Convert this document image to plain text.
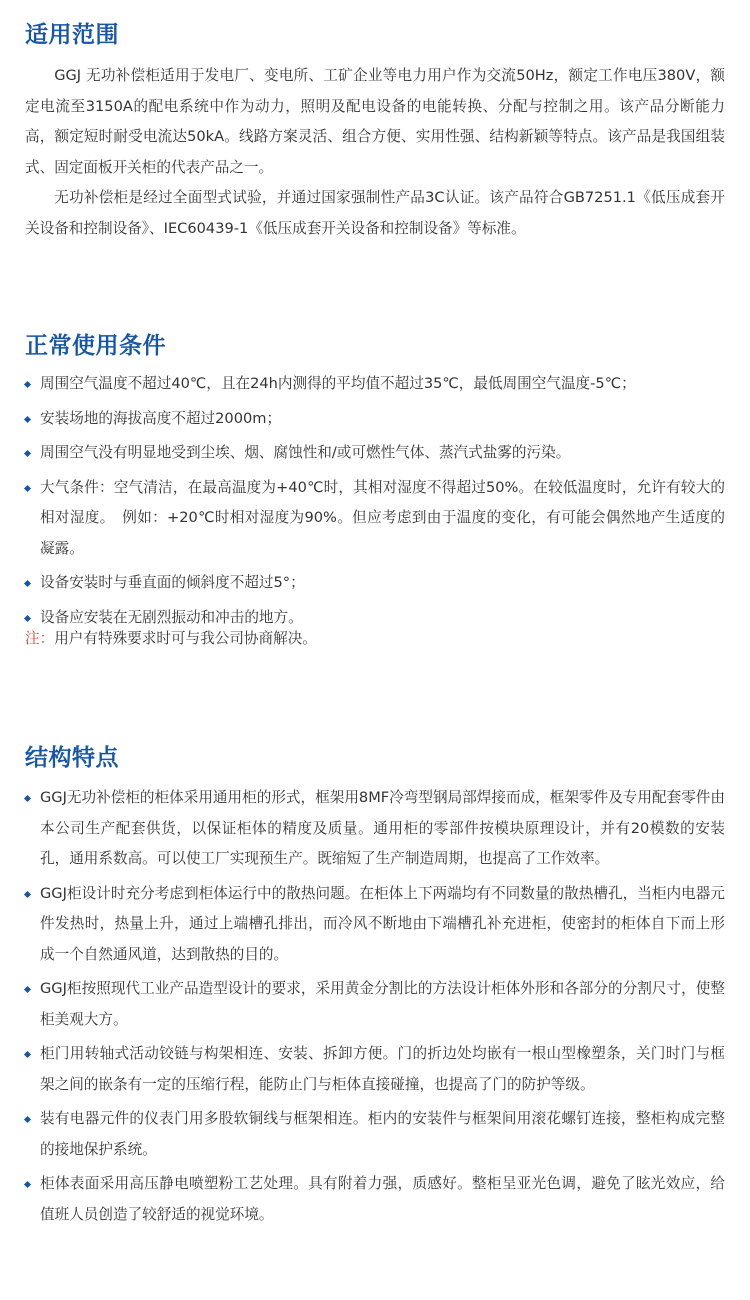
适用范围

GGJ 无功补偿柜适用于发电厂、变电所、工矿企业等电力用户作为交流50Hz，额定工作电压380V，额定电流至3150A的配电系统中作为动力，照明及配电设备的电能转换、分配与控制之用。该产品分断能力高，额定短时耐受电流达50kA。线路方案灵活、组合方便、实用性强、结构新颖等特点。该产品是我国组装式、固定面板开关柜的代表产品之一。

无功补偿柜是经过全面型式试验，并通过国家强制性产品3C认证。该产品符合GB7251.1《低压成套开关设备和控制设备》、IEC60439-1《低压成套开关设备和控制设备》等标准。

正常使用条件
周围空气温度不超过40℃，且在24h内测得的平均值不超过35℃，最低周围空气温度-5℃；
安装场地的海拔高度不超过2000m；
周围空气没有明显地受到尘埃、烟、腐蚀性和/或可燃性气体、蒸汽式盐雾的污染。
大气条件：空气清洁，在最高温度为+40℃时，其相对湿度不得超过50%。在较低温度时，允许有较大的相对湿度。　例如：+20℃时相对湿度为90%。但应考虑到由于温度的变化，有可能会偶然地产生适度的凝露。
设备安装时与垂直面的倾斜度不超过5°；
设备应安装在无剧烈振动和冲击的地方。

注：用户有特殊要求时可与我公司协商解决。

结构特点
GGJ无功补偿柜的柜体采用通用柜的形式，框架用8MF冷弯型钢局部焊接而成，框架零件及专用配套零件由本公司生产配套供货，以保证柜体的精度及质量。通用柜的零部件按模块原理设计，并有20模数的安装孔，通用系数高。可以使工厂实现预生产。既缩短了生产制造周期，也提高了工作效率。
GGJ柜设计时充分考虑到柜体运行中的散热问题。在柜体上下两端均有不同数量的散热槽孔，当柜内电器元件发热时，热量上升，通过上端槽孔排出，而冷风不断地由下端槽孔补充进柜，使密封的柜体自下而上形成一个自然通风道，达到散热的目的。
GGJ柜按照现代工业产品造型设计的要求，采用黄金分割比的方法设计柜体外形和各部分的分割尺寸，使整柜美观大方。
柜门用转轴式活动铰链与构架相连、安装、拆卸方便。门的折边处均嵌有一根山型橡塑条，关门时门与框架之间的嵌条有一定的压缩行程，能防止门与柜体直接碰撞，也提高了门的防护等级。
装有电器元件的仪表门用多股软铜线与框架相连。柜内的安装件与框架间用滚花螺钉连接，整柜构成完整的接地保护系统。
柜体表面采用高压静电喷塑粉工艺处理。具有附着力强，质感好。整柜呈亚光色调，避免了眩光效应，给值班人员创造了较舒适的视觉环境。
